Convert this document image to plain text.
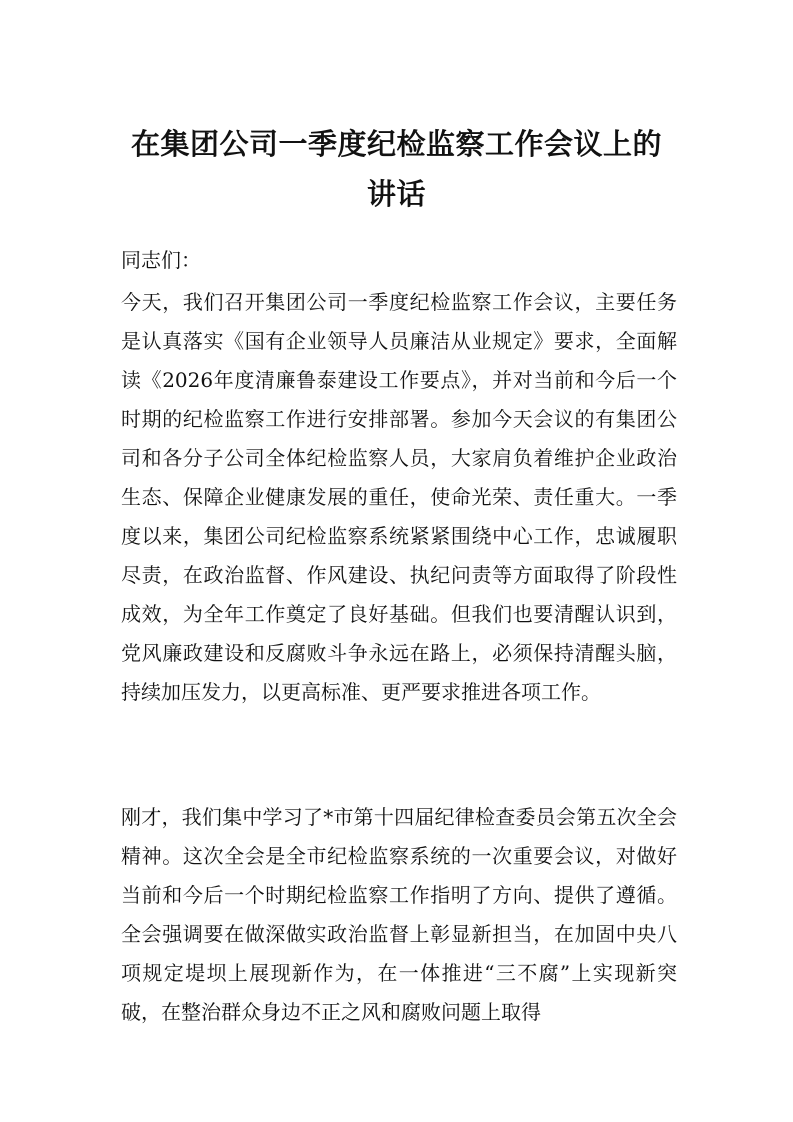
在集团公司一季度纪检监察工作会议上的
讲话

同志们：

今天，我们召开集团公司一季度纪检监察工作会议，主要任务是认真落实《国有企业领导人员廉洁从业规定》要求，全面解读《2026年度清廉鲁泰建设工作要点》，并对当前和今后一个时期的纪检监察工作进行安排部署。参加今天会议的有集团公司和各分子公司全体纪检监察人员，大家肩负着维护企业政治生态、保障企业健康发展的重任，使命光荣、责任重大。一季度以来，集团公司纪检监察系统紧紧围绕中心工作，忠诚履职尽责，在政治监督、作风建设、执纪问责等方面取得了阶段性成效，为全年工作奠定了良好基础。但我们也要清醒认识到，党风廉政建设和反腐败斗争永远在路上，必须保持清醒头脑，持续加压发力，以更高标准、更严要求推进各项工作。

刚才，我们集中学习了*市第十四届纪律检查委员会第五次全会精神。这次全会是全市纪检监察系统的一次重要会议，对做好当前和今后一个时期纪检监察工作指明了方向、提供了遵循。全会强调要在做深做实政治监督上彰显新担当，在加固中央八项规定堤坝上展现新作为，在一体推进“三不腐”上实现新突破，在整治群众身边不正之风和腐败问题上取得
